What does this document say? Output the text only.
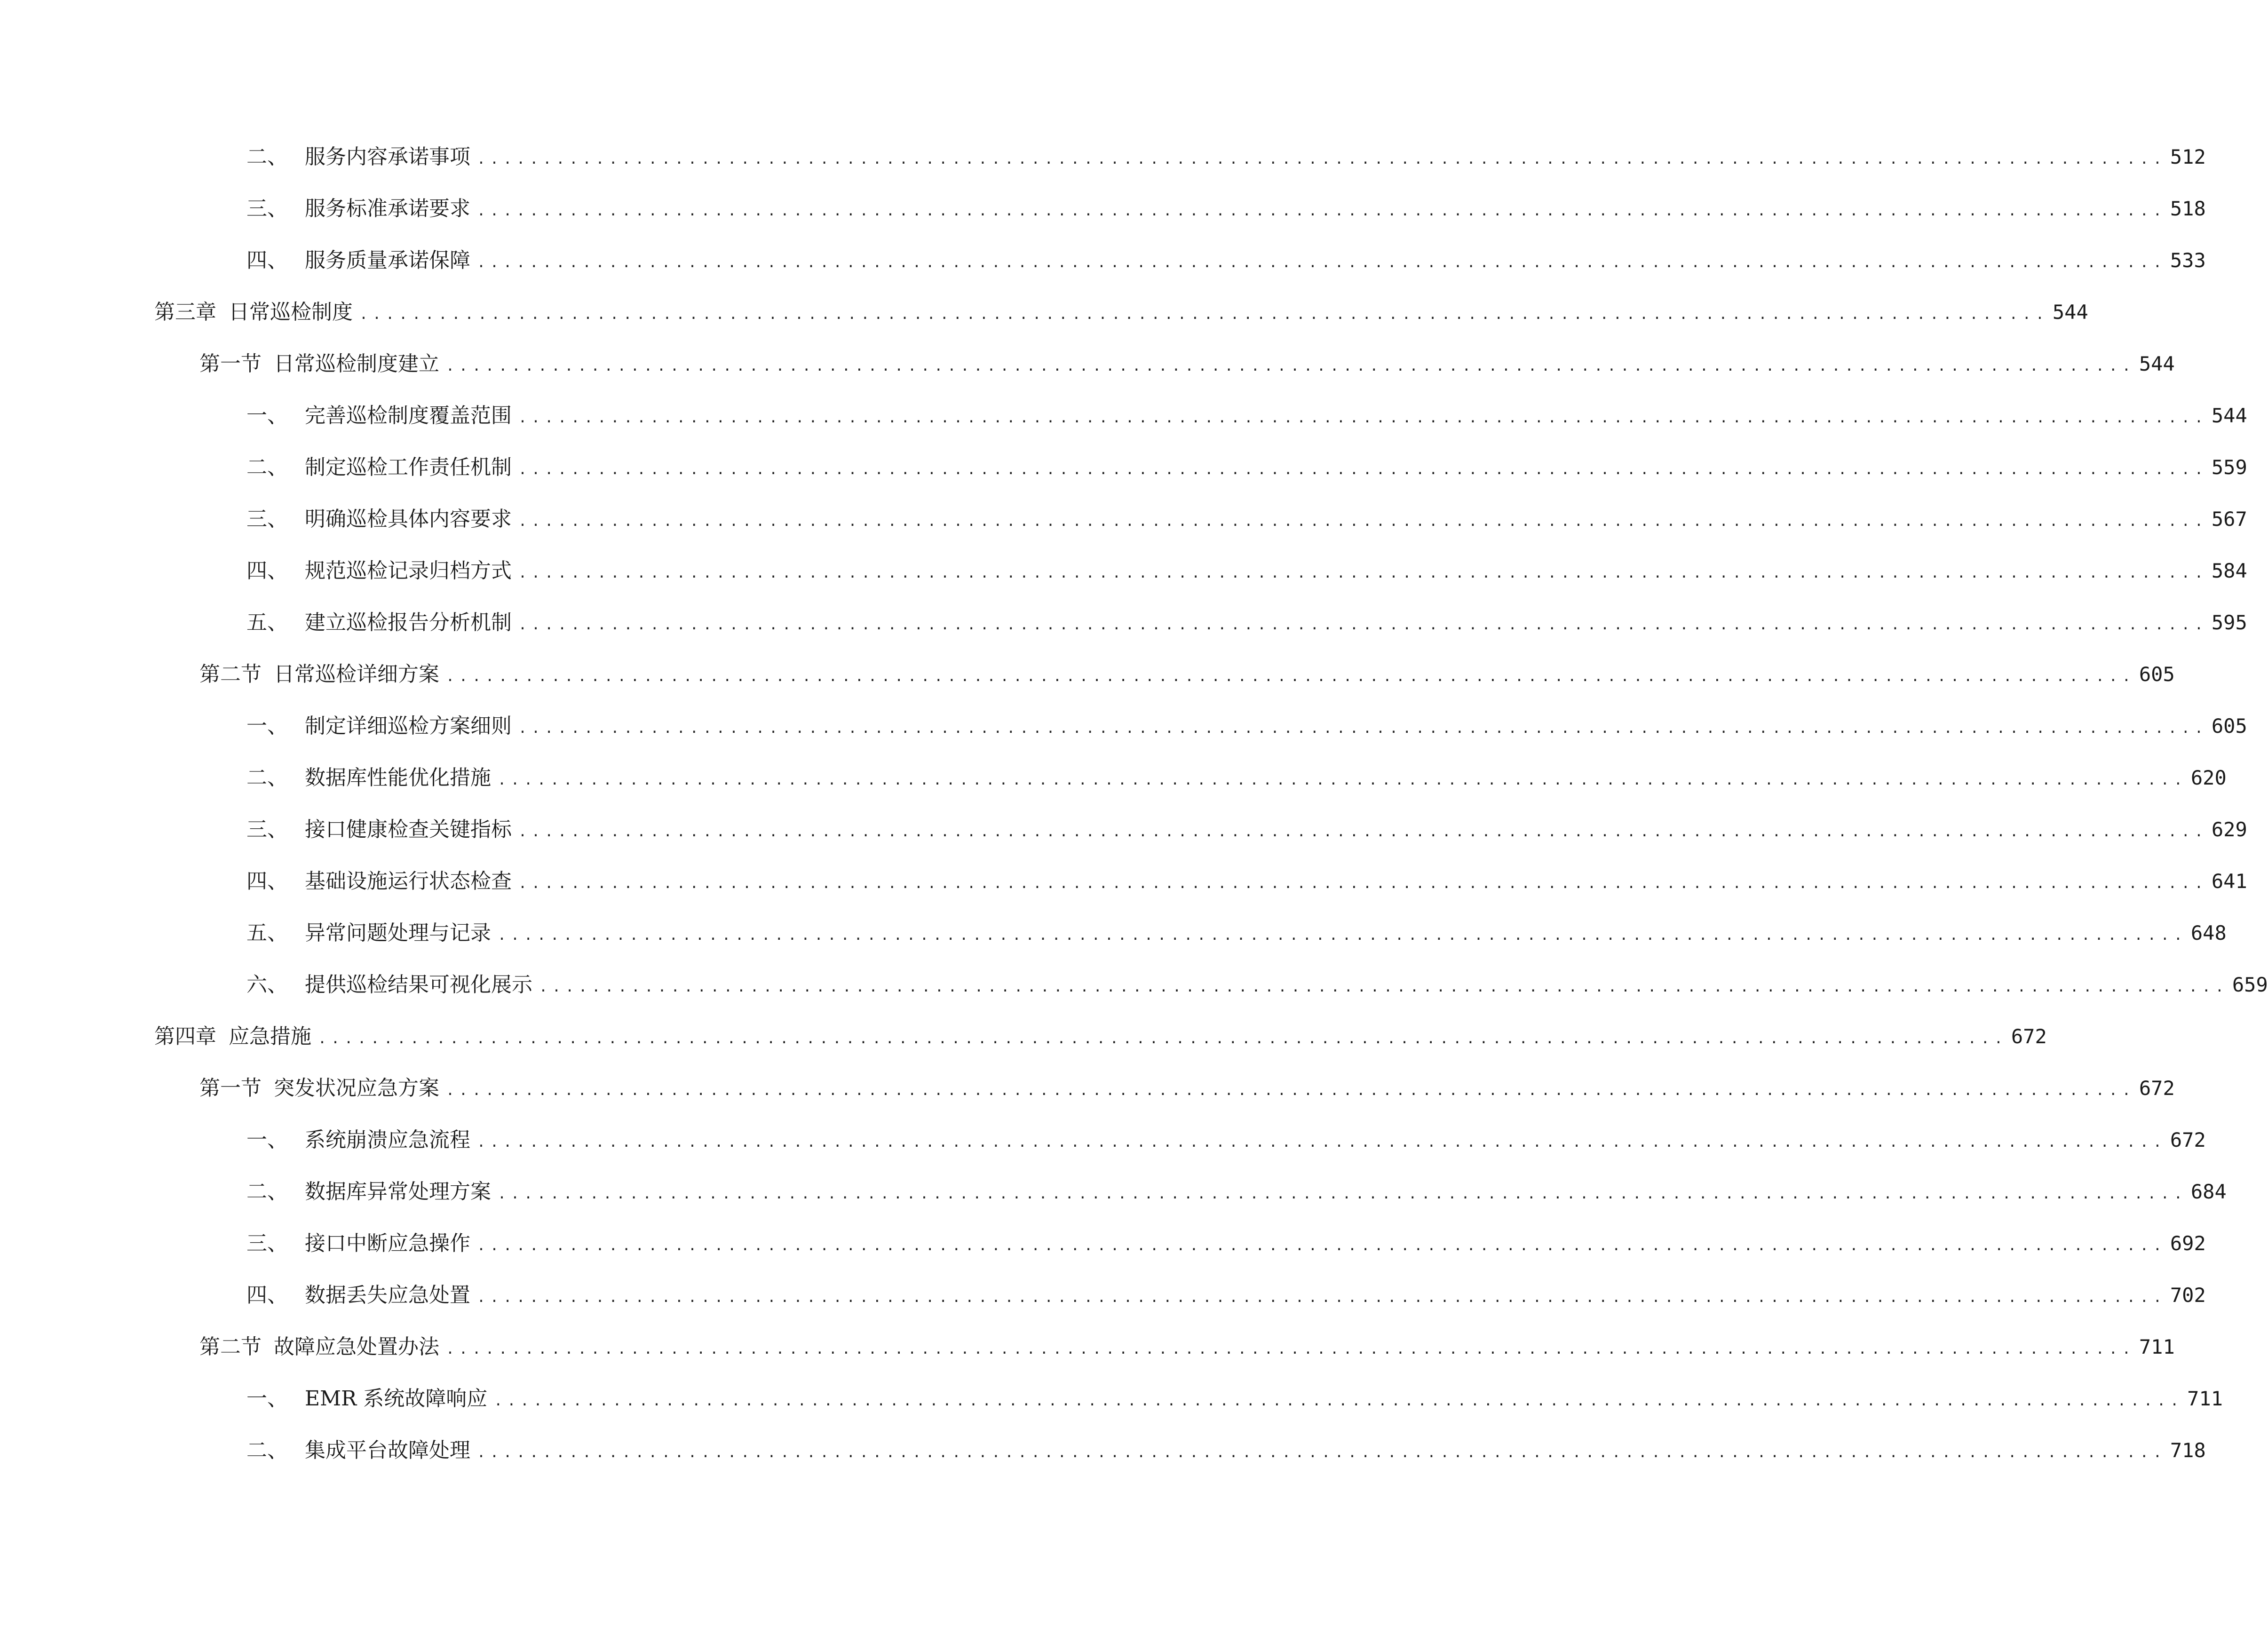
二、 服务内容承诺事项 ................................................................................................................................ 512
三、 服务标准承诺要求 ................................................................................................................................ 518
四、 服务质量承诺保障 ................................................................................................................................ 533
第三章 日常巡检制度 ................................................................................................................................ 544
第一节 日常巡检制度建立 ................................................................................................................................ 544
一、 完善巡检制度覆盖范围 ................................................................................................................................ 544
二、 制定巡检工作责任机制 ................................................................................................................................ 559
三、 明确巡检具体内容要求 ................................................................................................................................ 567
四、 规范巡检记录归档方式 ................................................................................................................................ 584
五、 建立巡检报告分析机制 ................................................................................................................................ 595
第二节 日常巡检详细方案 ................................................................................................................................ 605
一、 制定详细巡检方案细则 ................................................................................................................................ 605
二、 数据库性能优化措施 ................................................................................................................................ 620
三、 接口健康检查关键指标 ................................................................................................................................ 629
四、 基础设施运行状态检查 ................................................................................................................................ 641
五、 异常问题处理与记录 ................................................................................................................................ 648
六、 提供巡检结果可视化展示 ................................................................................................................................ 659
第四章 应急措施 ................................................................................................................................ 672
第一节 突发状况应急方案 ................................................................................................................................ 672
一、 系统崩溃应急流程 ................................................................................................................................ 672
二、 数据库异常处理方案 ................................................................................................................................ 684
三、 接口中断应急操作 ................................................................................................................................ 692
四、 数据丢失应急处置 ................................................................................................................................ 702
第二节 故障应急处置办法 ................................................................................................................................ 711
一、 EMR 系统故障响应 ................................................................................................................................ 711
二、 集成平台故障处理 ................................................................................................................................ 718
